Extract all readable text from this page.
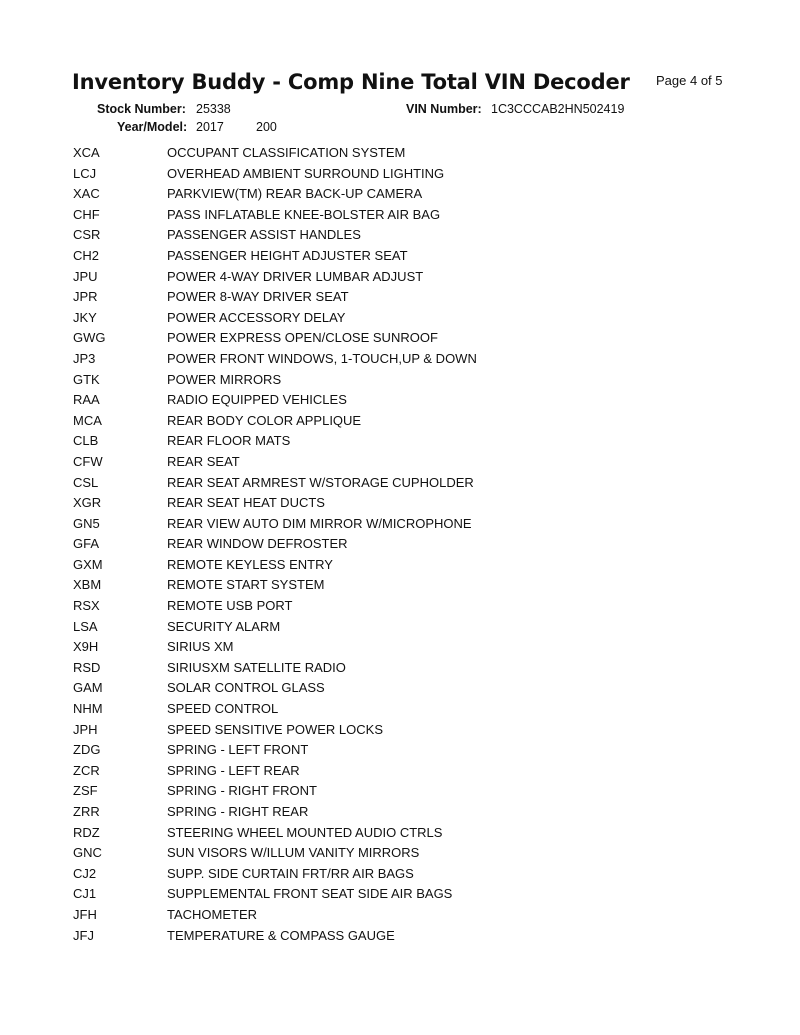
Inventory Buddy - Comp Nine Total VIN Decoder Page 4 of 5
Stock Number: 25338	VIN Number: 1C3CCCAB2HN502419
Year/Model: 2017	200
XCA	OCCUPANT CLASSIFICATION SYSTEM
LCJ	OVERHEAD AMBIENT SURROUND LIGHTING
XAC	PARKVIEW(TM) REAR BACK-UP CAMERA
CHF	PASS INFLATABLE KNEE-BOLSTER AIR BAG
CSR	PASSENGER ASSIST HANDLES
CH2	PASSENGER HEIGHT ADJUSTER SEAT
JPU	POWER 4-WAY DRIVER LUMBAR ADJUST
JPR	POWER 8-WAY DRIVER SEAT
JKY	POWER ACCESSORY DELAY
GWG	POWER EXPRESS OPEN/CLOSE SUNROOF
JP3	POWER FRONT WINDOWS, 1-TOUCH,UP & DOWN
GTK	POWER MIRRORS
RAA	RADIO EQUIPPED VEHICLES
MCA	REAR BODY COLOR APPLIQUE
CLB	REAR FLOOR MATS
CFW	REAR SEAT
CSL	REAR SEAT ARMREST W/STORAGE CUPHOLDER
XGR	REAR SEAT HEAT DUCTS
GN5	REAR VIEW AUTO DIM MIRROR W/MICROPHONE
GFA	REAR WINDOW DEFROSTER
GXM	REMOTE KEYLESS ENTRY
XBM	REMOTE START SYSTEM
RSX	REMOTE USB PORT
LSA	SECURITY ALARM
X9H	SIRIUS XM
RSD	SIRIUSXM SATELLITE RADIO
GAM	SOLAR CONTROL GLASS
NHM	SPEED CONTROL
JPH	SPEED SENSITIVE POWER LOCKS
ZDG	SPRING - LEFT FRONT
ZCR	SPRING - LEFT REAR
ZSF	SPRING - RIGHT FRONT
ZRR	SPRING - RIGHT REAR
RDZ	STEERING WHEEL MOUNTED AUDIO CTRLS
GNC	SUN VISORS W/ILLUM VANITY MIRRORS
CJ2	SUPP. SIDE CURTAIN FRT/RR AIR BAGS
CJ1	SUPPLEMENTAL FRONT SEAT SIDE AIR BAGS
JFH	TACHOMETER
JFJ	TEMPERATURE & COMPASS GAUGE
